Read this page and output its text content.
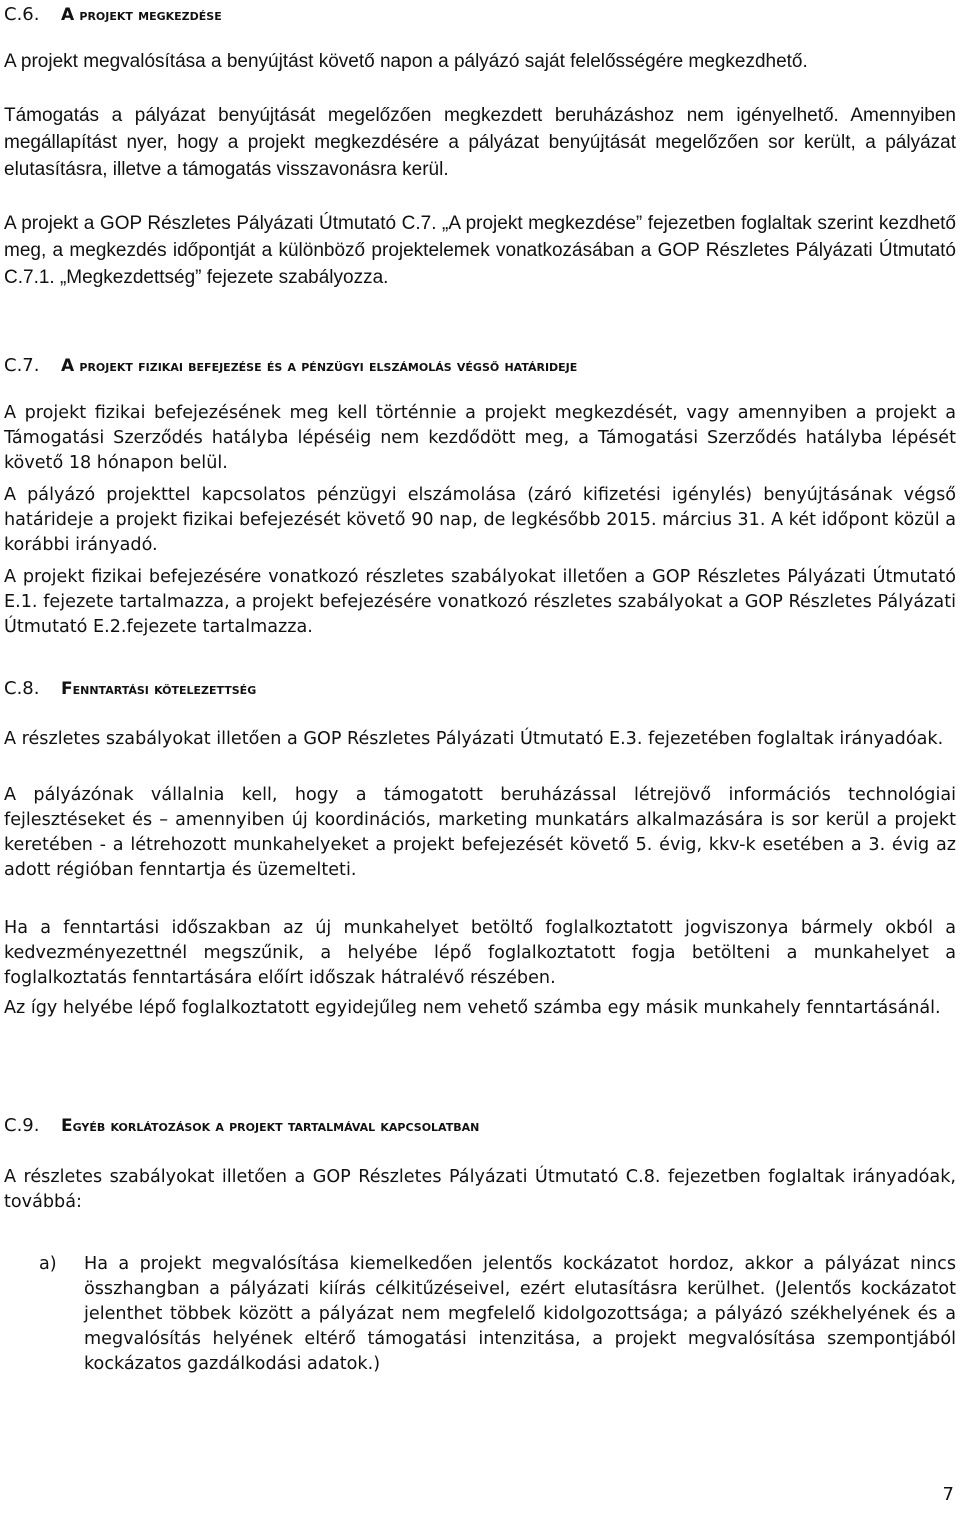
C.6. A projekt megkezdése

A projekt megvalósítása a benyújtást követő napon a pályázó saját felelősségére megkezdhető.

Támogatás a pályázat benyújtását megelőzően megkezdett beruházáshoz nem igényelhető. Amennyiben megállapítást nyer, hogy a projekt megkezdésére a pályázat benyújtását megelőzően sor került, a pályázat elutasításra, illetve a támogatás visszavonásra kerül.

A projekt a GOP Részletes Pályázati Útmutató C.7. „A projekt megkezdése” fejezetben foglaltak szerint kezdhető meg, a megkezdés időpontját a különböző projektelemek vonatkozásában a GOP Részletes Pályázati Útmutató C.7.1. „Megkezdettség” fejezete szabályozza.

C.7. A projekt fizikai befejezése és a pénzügyi elszámolás végső határideje

A projekt fizikai befejezésének meg kell történnie a projekt megkezdését, vagy amennyiben a projekt a Támogatási Szerződés hatályba lépéséig nem kezdődött meg, a Támogatási Szerződés hatályba lépését követő 18 hónapon belül.

A pályázó projekttel kapcsolatos pénzügyi elszámolása (záró kifizetési igénylés) benyújtásának végső határideje a projekt fizikai befejezését követő 90 nap, de legkésőbb 2015. március 31. A két időpont közül a korábbi irányadó.

A projekt fizikai befejezésére vonatkozó részletes szabályokat illetően a GOP Részletes Pályázati Útmutató E.1. fejezete tartalmazza, a projekt befejezésére vonatkozó részletes szabályokat a GOP Részletes Pályázati Útmutató E.2.fejezete tartalmazza.

C.8. Fenntartási kötelezettség

A részletes szabályokat illetően a GOP Részletes Pályázati Útmutató E.3. fejezetében foglaltak irányadóak.

A pályázónak vállalnia kell, hogy a támogatott beruházással létrejövő információs technológiai fejlesztéseket és – amennyiben új koordinációs, marketing munkatárs alkalmazására is sor kerül a projekt keretében - a létrehozott munkahelyeket a projekt befejezését követő 5. évig, kkv-k esetében a 3. évig az adott régióban fenntartja és üzemelteti.

Ha a fenntartási időszakban az új munkahelyet betöltő foglalkoztatott jogviszonya bármely okból a kedvezményezettnél megszűnik, a helyébe lépő foglalkoztatott fogja betölteni a munkahelyet a foglalkoztatás fenntartására előírt időszak hátralévő részében.

Az így helyébe lépő foglalkoztatott egyidejűleg nem vehető számba egy másik munkahely fenntartásánál.

C.9. Egyéb korlátozások a projekt tartalmával kapcsolatban

A részletes szabályokat illetően a GOP Részletes Pályázati Útmutató C.8. fejezetben foglaltak irányadóak, továbbá:

a) Ha a projekt megvalósítása kiemelkedően jelentős kockázatot hordoz, akkor a pályázat nincs összhangban a pályázati kiírás célkitűzéseivel, ezért elutasításra kerülhet. (Jelentős kockázatot jelenthet többek között a pályázat nem megfelelő kidolgozottsága; a pályázó székhelyének és a megvalósítás helyének eltérő támogatási intenzitása, a projekt megvalósítása szempontjából kockázatos gazdálkodási adatok.)

7
